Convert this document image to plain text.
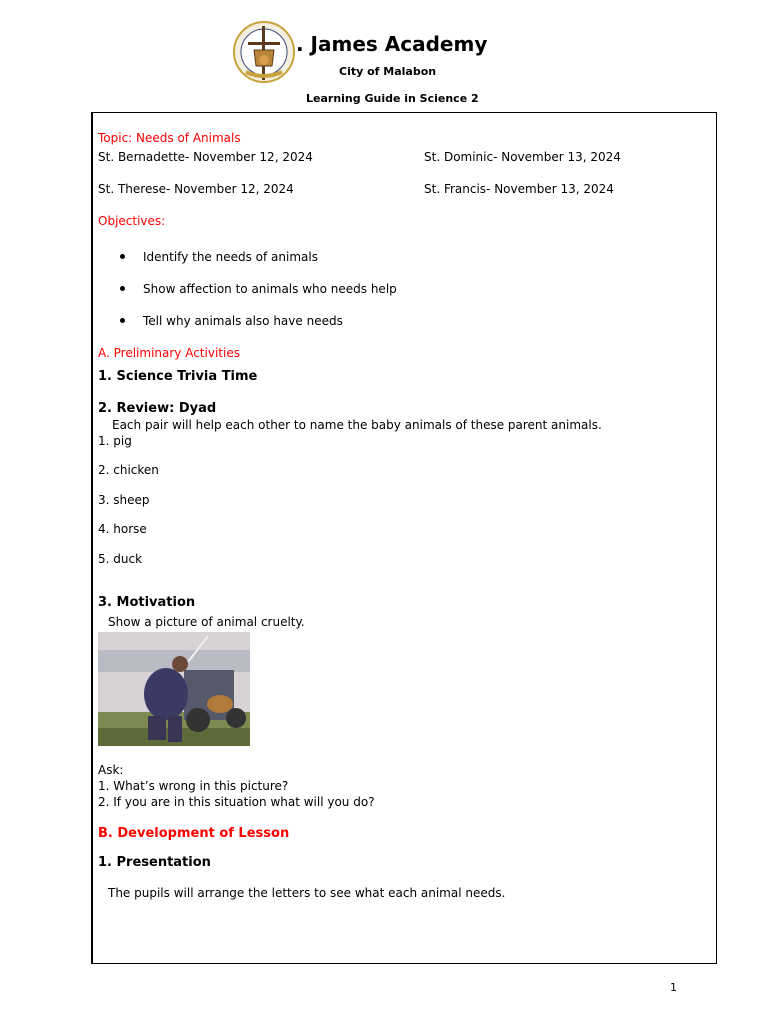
. James Academy
City of Malabon
Learning Guide in Science 2
Topic: Needs of Animals
St. Bernadette- November 12, 2024	St. Dominic- November 13, 2024
St. Therese- November 12, 2024	St. Francis- November 13, 2024
Objectives:
Identify the needs of animals
Show affection to animals who needs help
Tell why animals also have needs
A. Preliminary Activities
1. Science Trivia Time
2. Review: Dyad
Each pair will help each other to name the baby animals of these parent animals.
1. pig
2. chicken
3. sheep
4. horse
5. duck
3. Motivation
Show a picture of animal cruelty.
Ask:
1. What’s wrong in this picture?
2. If you are in this situation what will you do?
B. Development of Lesson
1. Presentation
The pupils will arrange the letters to see what each animal needs.
1
